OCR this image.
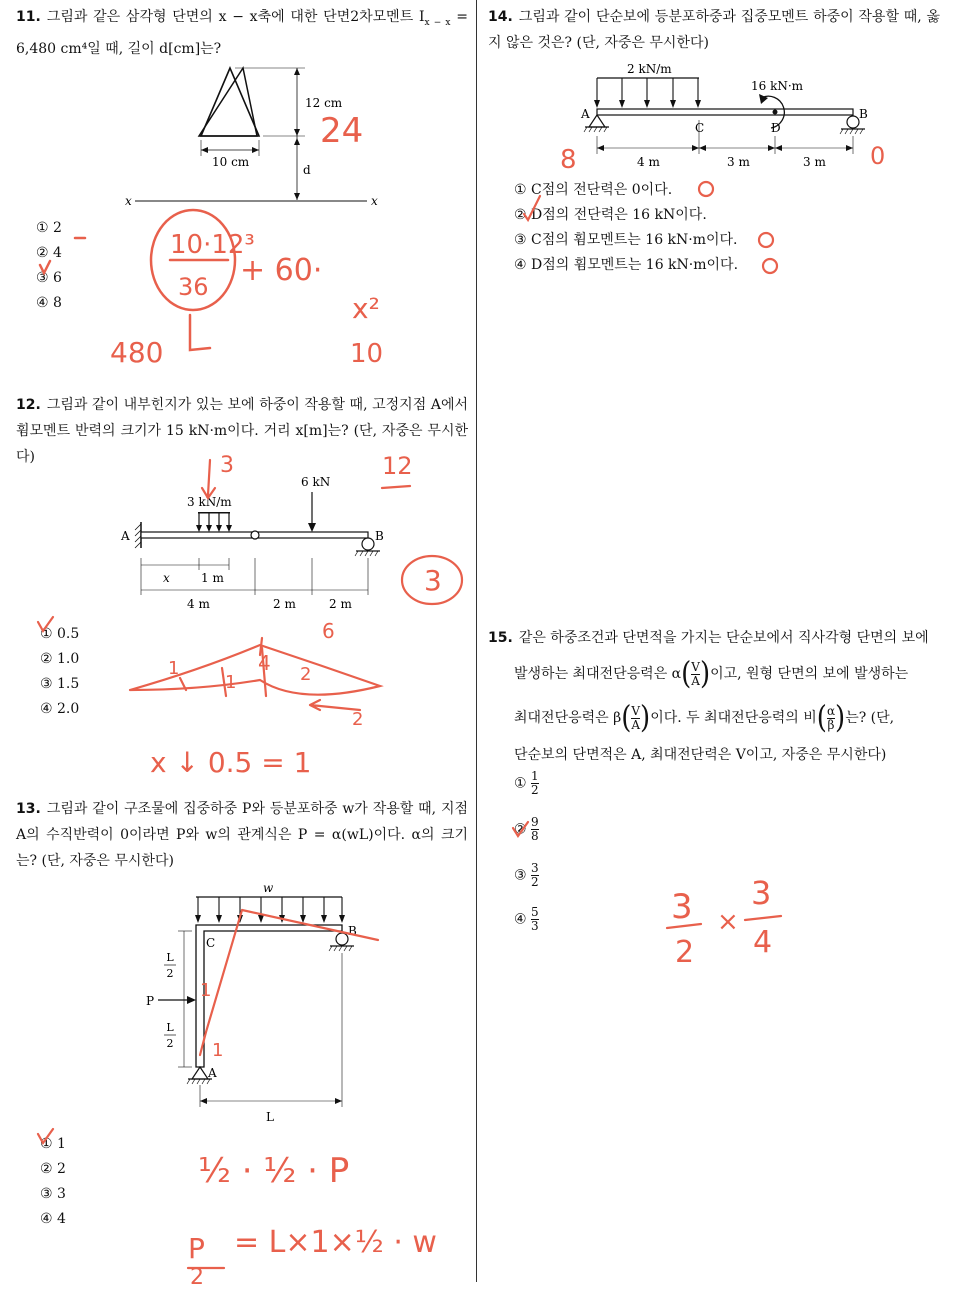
11. 그림과 같은 삼각형 단면의 x − x축에 대한 단면2차모멘트 $I_{x - x} = 6,480$ cm⁴일 때, 길이 d[cm]는?
12 cm
10 cm
d
x	x
① 2
② 4
③ 6
④ 8
10·12³
36 + 60·
x²
480	10
24
12. 그림과 같이 내부힌지가 있는 보에 하중이 작용할 때, 고정지점 A에서 휨모멘트 반력의 크기가 15 kN·m이다. 거리 x[m]는? (단, 자중은 무시한다)
3 kN/m
6 kN
A	B
x	1 m
4 m	2 m	2 m
① 0.5
② 1.0
③ 1.5
④ 2.0
3	12
3
x ↓ 0.5 = 1
1
1
4 2
6
2
13. 그림과 같이 구조물에 집중하중 P와 등분포하중 w가 작용할 때, 지점 A의 수직반력이 0이라면 P와 w의 관계식은 P = α(wL)이다. α의 크기는? (단, 자중은 무시한다)
w
P
C
B
A
L
2
L
2
L
① 1
② 2
③ 3
④ 4
1
1
½ · ½ · P
P
2
= L×1×½ · w
14. 그림과 같이 단순보에 등분포하중과 집중모멘트 하중이 작용할 때, 옳지 않은 것은? (단, 자중은 무시한다)
2 kN/m
16 kN·m
A	B
C	D
4 m	3 m	3 m
① C점의 전단력은 0이다.
② D점의 전단력은 16 kN이다.
③ C점의 휨모멘트는 16 kN·m이다.
④ D점의 휨모멘트는 16 kN·m이다.
8	0
15. 같은 하중조건과 단면적을 가지는 단순보에서 직사각형 단면의 보에
발생하는 최대전단응력은 $\alpha( \frac{V}{A}$ )이고, 원형 단면의 보에 발생하는
최대전단응력은 $\beta( \frac{V}{A}$ )이다. 두 최대전단응력의 비( $\frac{\alpha}{\beta}$ )는? (단,
단순보의 단면적은 A, 최대전단력은 V이고, 자중은 무시한다)
① $\frac{1}{2}$
② $\frac{9}{8}$
③ $\frac{3}{2}$
④ $\frac{5}{3}$	3
2
×
3
4
